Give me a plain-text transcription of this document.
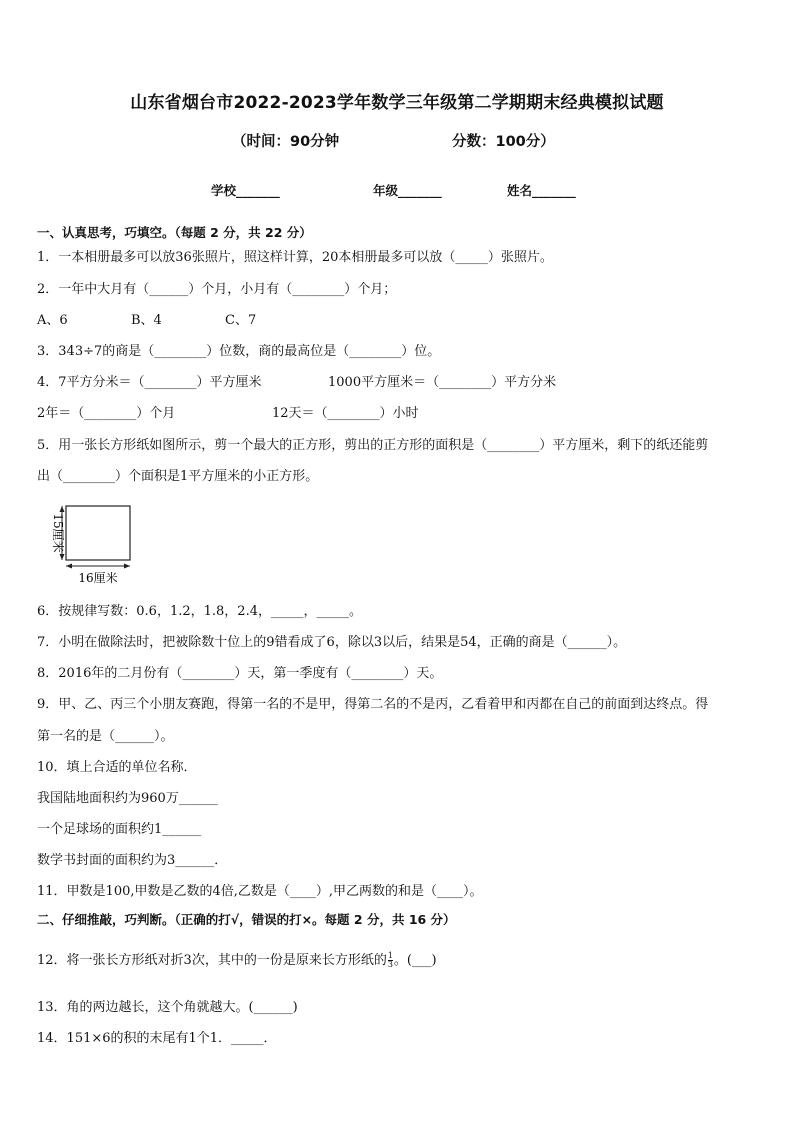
山东省烟台市2022-2023学年数学三年级第二学期期末经典模拟试题
（时间：90分钟	分数：100分）
学校_______	年级_______	姓名_______
一、认真思考，巧填空。（每题 2 分，共 22 分）
1．一本相册最多可以放36张照片，照这样计算，20本相册最多可以放（_____）张照片。
2．一年中大月有（______）个月，小月有（________）个月；
A、6	B、4	C、7
3．343÷7的商是（________）位数，商的最高位是（________）位。
4．7平方分米＝（________）平方厘米	1000平方厘米＝（________）平方分米
2年＝（________）个月	12天＝（________）小时
5．用一张长方形纸如图所示，剪一个最大的正方形，剪出的正方形的面积是（________）平方厘米，剩下的纸还能剪
出（________）个面积是1平方厘米的小正方形。
15厘米
16厘米
6．按规律写数：0.6，1.2，1.8，2.4，_____，_____。
7．小明在做除法时，把被除数十位上的9错看成了6，除以3以后，结果是54，正确的商是（______）。
8．2016年的二月份有（________）天，第一季度有（________）天。
9．甲、乙、丙三个小朋友赛跑，得第一名的不是甲，得第二名的不是丙，乙看着甲和丙都在自己的前面到达终点。得
第一名的是（______）。
10．填上合适的单位名称．
我国陆地面积约为960万______
一个足球场的面积约1______
数学书封面的面积约为3______．
11．甲数是100,甲数是乙数的4倍,乙数是（____）,甲乙两数的和是（____）。
二、仔细推敲，巧判断。（正确的打√，错误的打×。每题 2 分，共 16 分）
12．将一张长方形纸对折3次，其中的一份是原来长方形纸的 $\frac{1}{3}$ 。(___)
13．角的两边越长，这个角就越大。(______)
14．151×6的积的末尾有1个1．_____．
